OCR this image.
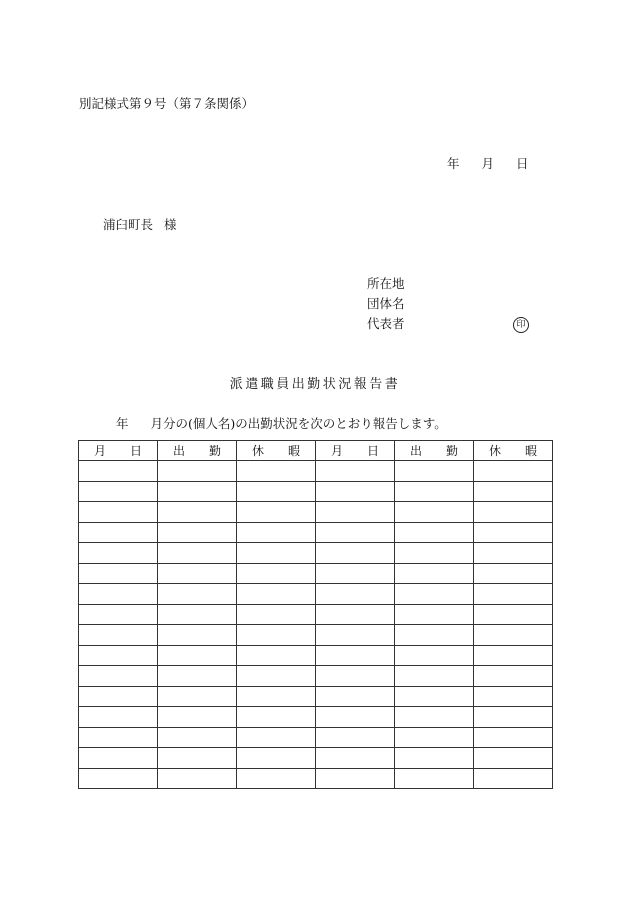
別記様式第９号（第７条関係）
年 月 日
浦臼町長 様
所在地
団体名
代表者	印
派遣職員出勤状況報告書
年 月分の(個人名)の出勤状況を次のとおり報告します。
月　　日	出　　勤	休　　暇	月　　日	出　　勤	休　　暇
